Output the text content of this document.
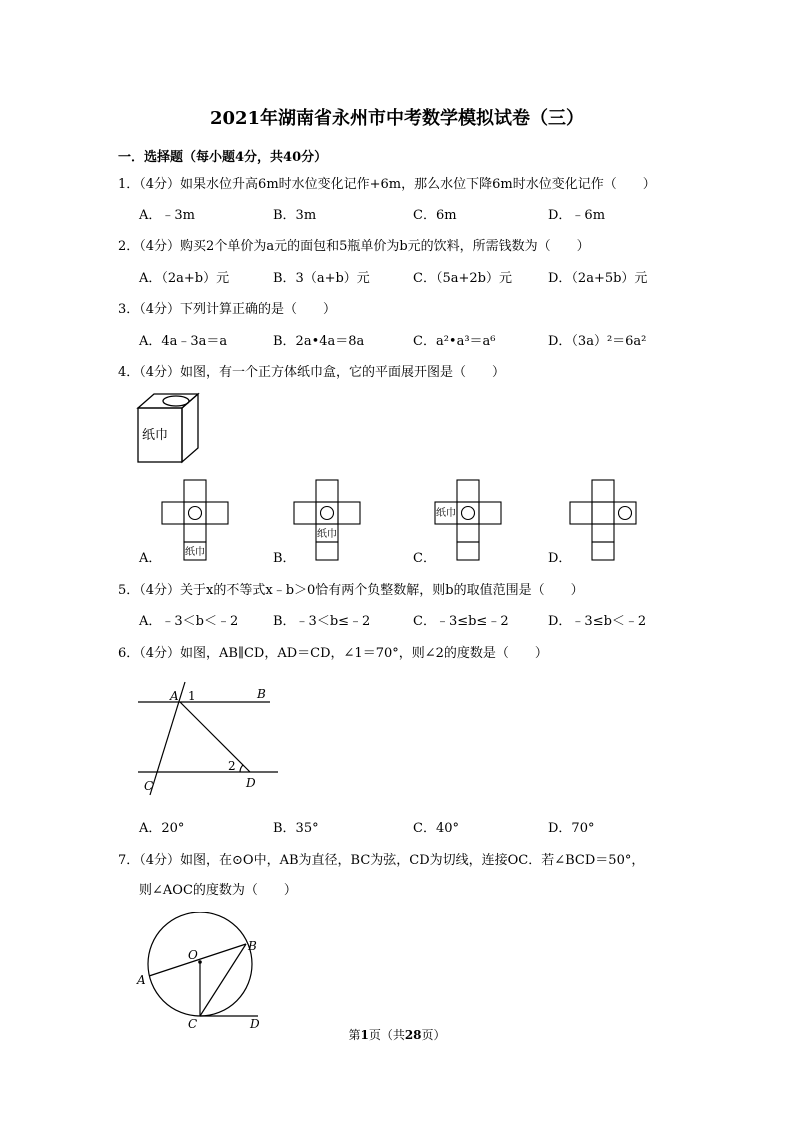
2021年湖南省永州市中考数学模拟试卷（三）
一．选择题（每小题4分，共40分）
1．（4分）如果水位升高6m时水位变化记作+6m，那么水位下降6m时水位变化记作（　　）
A．﹣3m	B．3m	C．6m	D．﹣6m
2．（4分）购买2个单价为a元的面包和5瓶单价为b元的饮料，所需钱数为（　　）
A．（2a+b）元	B．3（a+b）元	C．（5a+2b）元	D．（2a+5b）元
3．（4分）下列计算正确的是（　　）
A．4a﹣3a＝a	B．2a•4a＝8a	C．a²•a³＝a⁶	D．（3a）²＝6a²
4．（4分）如图，有一个正方体纸巾盒，它的平面展开图是（　　）
纸巾
纸巾
纸巾
纸巾
A．	B．	C．	D．
5．（4分）关于x的不等式x﹣b＞0恰有两个负整数解，则b的取值范围是（　　）
A．﹣3＜b＜﹣2	B．﹣3＜b≤﹣2	C．﹣3≤b≤﹣2	D．﹣3≤b＜﹣2
6．（4分）如图，AB∥CD，AD＝CD，∠1＝70°，则∠2的度数是（　　）
A	B
C	D
1
2
A．20°	B．35°	C．40°	D．70°
7．（4分）如图，在⊙O中，AB为直径，BC为弦，CD为切线，连接OC．若∠BCD＝50°，
则∠AOC的度数为（　　）
O
A
B
C	D
第1页（共28页）
